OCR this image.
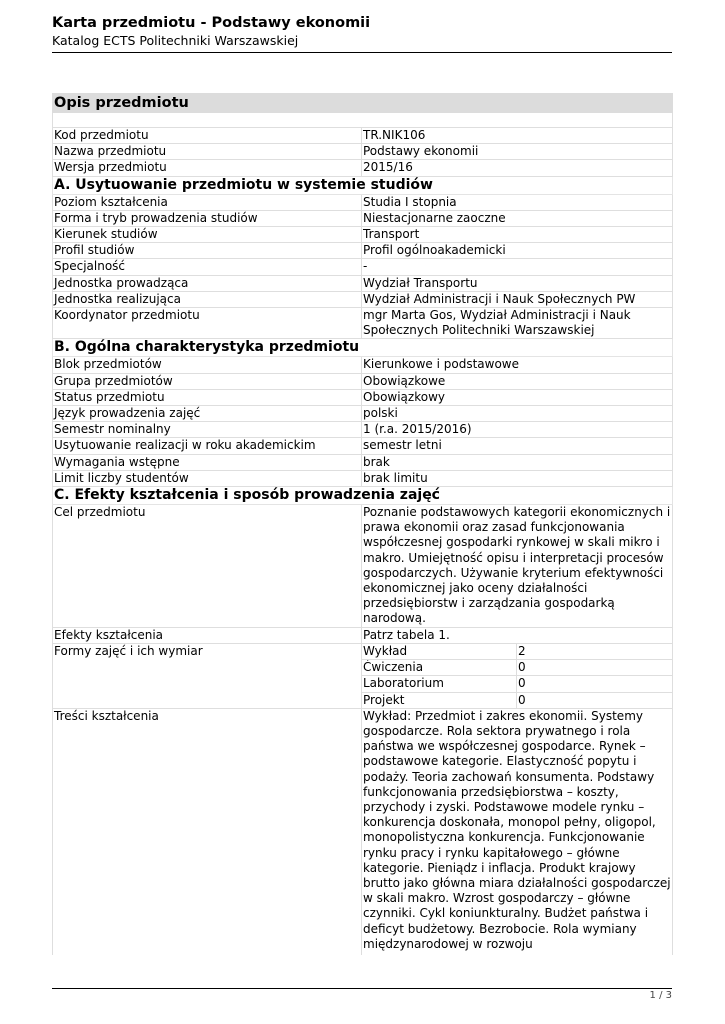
Karta przedmiotu - Podstawy ekonomii
Katalog ECTS Politechniki Warszawskiej
Opis przedmiotu

Kod przedmiotu	TR.NIK106
Nazwa przedmiotu	Podstawy ekonomii
Wersja przedmiotu	2015/16
A. Usytuowanie przedmiotu w systemie studiów
Poziom kształcenia	Studia I stopnia
Forma i tryb prowadzenia studiów	Niestacjonarne zaoczne
Kierunek studiów	Transport
Profil studiów	Profil ogólnoakademicki
Specjalność	-
Jednostka prowadząca	Wydział Transportu
Jednostka realizująca	Wydział Administracji i Nauk Społecznych PW
Koordynator przedmiotu	mgr Marta Gos, Wydział Administracji i Nauk Społecznych Politechniki Warszawskiej
B. Ogólna charakterystyka przedmiotu
Blok przedmiotów	Kierunkowe i podstawowe
Grupa przedmiotów	Obowiązkowe
Status przedmiotu	Obowiązkowy
Język prowadzenia zajęć	polski
Semestr nominalny	1 (r.a. 2015/2016)
Usytuowanie realizacji w roku akademickim	semestr letni
Wymagania wstępne	brak
Limit liczby studentów	brak limitu
C. Efekty kształcenia i sposób prowadzenia zajęć
Cel przedmiotu	Poznanie podstawowych kategorii ekonomicznych i prawa ekonomii oraz zasad funkcjonowania współczesnej gospodarki rynkowej w skali mikro i makro. Umiejętność opisu i interpretacji procesów gospodarczych. Używanie kryterium efektywności ekonomicznej jako oceny działalności przedsiębiorstw i zarządzania gospodarką narodową.
Efekty kształcenia	Patrz tabela 1.
Formy zajęć i ich wymiar		Wykład	2
Ćwiczenia	0
Laboratorium	0
Projekt	0

Treści kształcenia	Wykład: Przedmiot i zakres ekonomii. Systemy gospodarcze. Rola sektora prywatnego i rola państwa we współczesnej gospodarce. Rynek – podstawowe kategorie. Elastyczność popytu i podaży. Teoria zachowań konsumenta. Podstawy funkcjonowania przedsiębiorstwa – koszty, przychody i zyski. Podstawowe modele rynku – konkurencja doskonała, monopol pełny, oligopol, monopolistyczna konkurencja. Funkcjonowanie rynku pracy i rynku kapitałowego – główne kategorie. Pieniądz i inflacja. Produkt krajowy brutto jako główna miara działalności gospodarczej w skali makro. Wzrost gospodarczy – główne czynniki. Cykl koniunkturalny. Budżet państwa i deficyt budżetowy. Bezrobocie. Rola wymiany międzynarodowej w rozwoju
1 / 3
